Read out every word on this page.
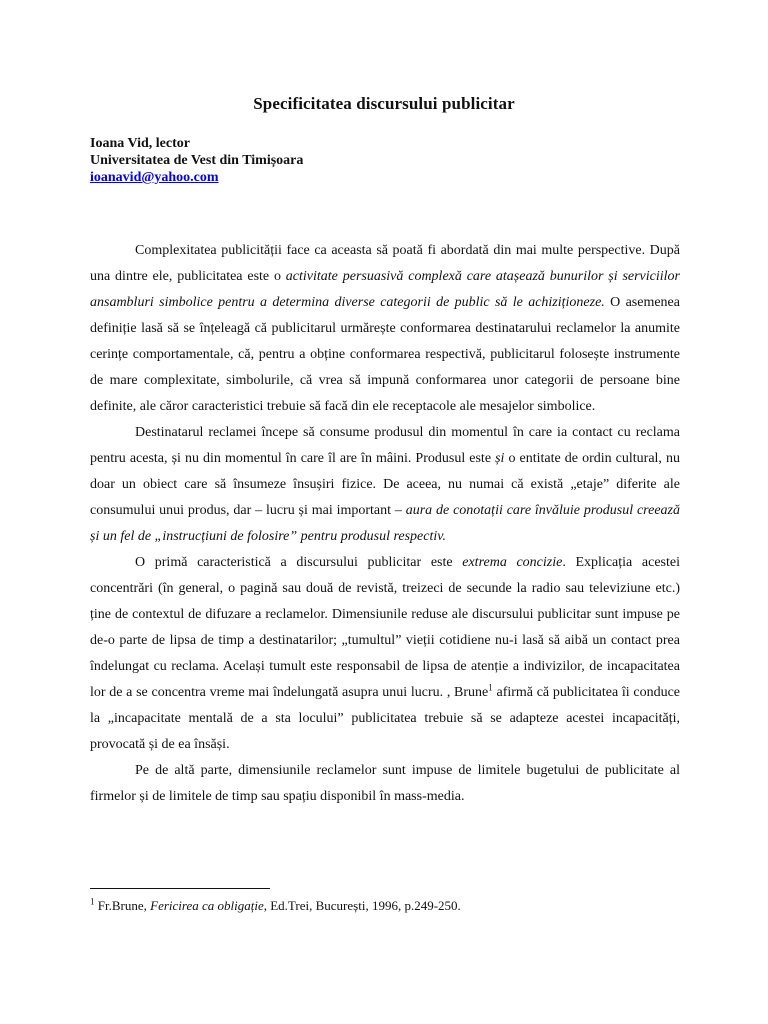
Specificitatea discursului publicitar
Ioana Vid, lector
Universitatea de Vest din Timișoara
ioanavid@yahoo.com

Complexitatea publicității face ca aceasta să poată fi abordată din mai multe perspective. După una dintre ele, publicitatea este o activitate persuasivă complexă care atașează bunurilor și serviciilor ansambluri simbolice pentru a determina diverse categorii de public să le achiziționeze. O asemenea definiție lasă să se înțeleagă că publicitarul urmărește conformarea destinatarului reclamelor la anumite cerințe comportamentale, că, pentru a obține conformarea respectivă, publicitarul folosește instrumente de mare complexitate, simbolurile, că vrea să impună conformarea unor categorii de persoane bine definite, ale căror caracteristici trebuie să facă din ele receptacole ale mesajelor simbolice.

Destinatarul reclamei începe să consume produsul din momentul în care ia contact cu reclama pentru acesta, și nu din momentul în care îl are în mâini. Produsul este și o entitate de ordin cultural, nu doar un obiect care să însumeze însușiri fizice. De aceea, nu numai că există „etaje” diferite ale consumului unui produs, dar – lucru și mai important – aura de conotații care învăluie produsul creează și un fel de „instrucțiuni de folosire” pentru produsul respectiv.

O primă caracteristică a discursului publicitar este extrema concizie. Explicația acestei concentrări (în general, o pagină sau două de revistă, treizeci de secunde la radio sau televiziune etc.) ține de contextul de difuzare a reclamelor. Dimensiunile reduse ale discursului publicitar sunt impuse pe de-o parte de lipsa de timp a destinatarilor; „tumultul” vieții cotidiene nu-i lasă să aibă un contact prea îndelungat cu reclama. Același tumult este responsabil de lipsa de atenție a indivizilor, de incapacitatea lor de a se concentra vreme mai îndelungată asupra unui lucru. , Brune$^1$ afirmă că publicitatea îi conduce la „incapacitate mentală de a sta locului” publicitatea trebuie să se adapteze acestei incapacități, provocată și de ea însăși.

Pe de altă parte, dimensiunile reclamelor sunt impuse de limitele bugetului de publicitate al firmelor și de limitele de timp sau spațiu disponibil în mass-media.

$^1$ Fr.Brune, Fericirea ca obligație, Ed.Trei, București, 1996, p.249-250.
